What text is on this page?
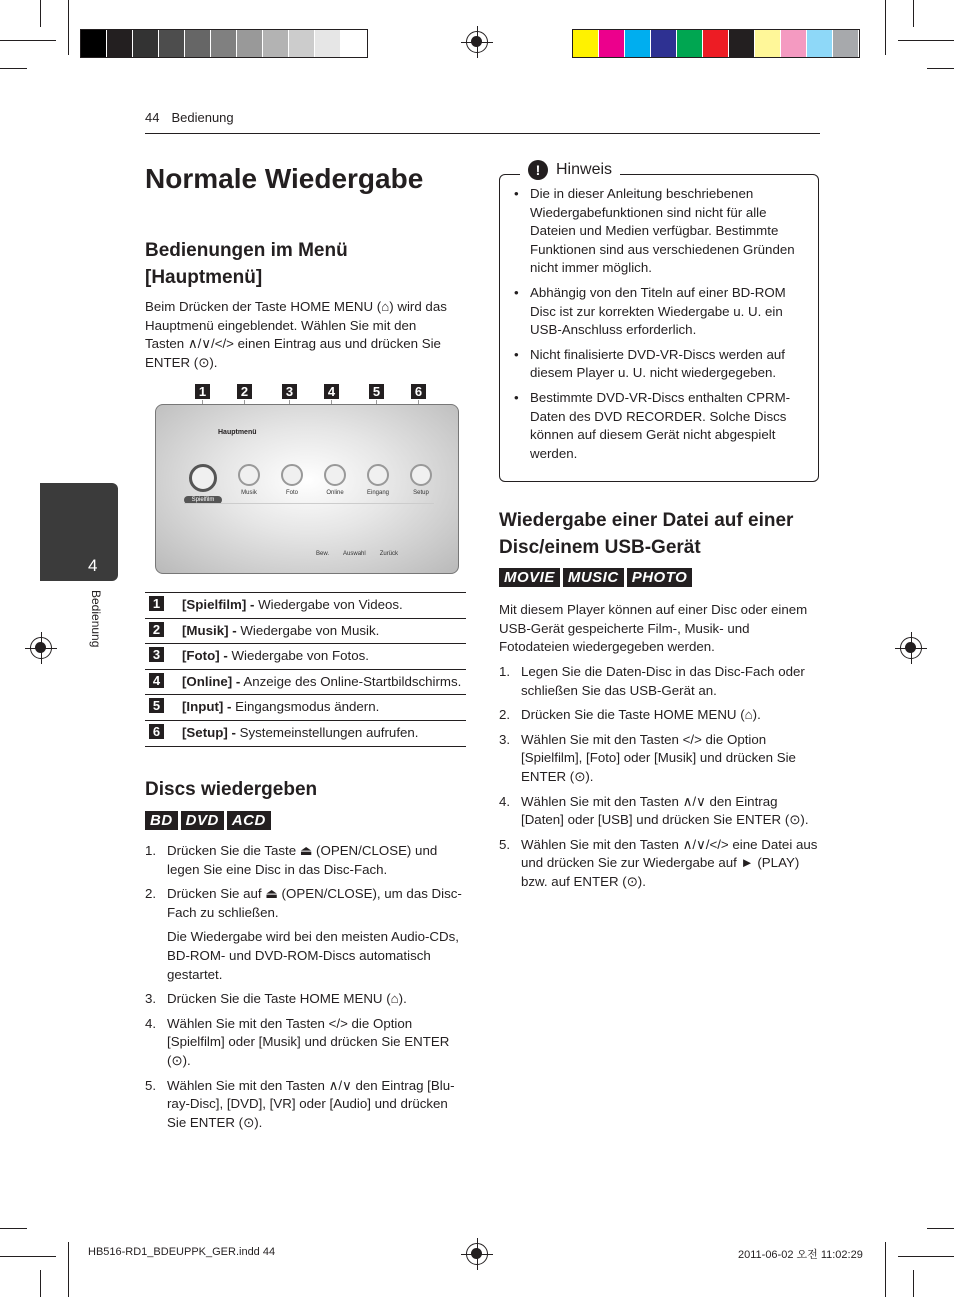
44 Bedienung
4
Bedienung
Normale Wiedergabe
Bedienungen im Menü [Hauptmenü]
Beim Drücken der Taste HOME MENU (⌂) wird das Hauptmenü eingeblendet. Wählen Sie mit den Tasten ∧/∨/</> einen Eintrag aus und drücken Sie ENTER (⊙).
1	2	3	4	5	6
Hauptmenü
Spielfilm
Musik	Foto	Online	Eingang	Setup
Bew. Auswahl Zurück
1	[Spielfilm] - Wiedergabe von Videos.
2	[Musik] - Wiedergabe von Musik.
3	[Foto] - Wiedergabe von Fotos.
4	[Online] - Anzeige des Online-Startbildschirms.
5	[Input] - Eingangsmodus ändern.
6	[Setup] - Systemeinstellungen aufrufen.
Discs wiedergeben
BD DVD ACD
1. Drücken Sie die Taste ⏏ (OPEN/CLOSE) und legen Sie eine Disc in das Disc-Fach.
2. Drücken Sie auf ⏏ (OPEN/CLOSE), um das Disc-Fach zu schließen.
Die Wiedergabe wird bei den meisten Audio-CDs, BD-ROM- und DVD-ROM-Discs automatisch gestartet.
3. Drücken Sie die Taste HOME MENU (⌂).
4. Wählen Sie mit den Tasten </> die Option [Spielfilm] oder [Musik] und drücken Sie ENTER (⊙).
5. Wählen Sie mit den Tasten ∧/∨ den Eintrag [Blu-ray-Disc], [DVD], [VR] oder [Audio] und drücken Sie ENTER (⊙).
! Hinweis
• Die in dieser Anleitung beschriebenen Wiedergabefunktionen sind nicht für alle Dateien und Medien verfügbar. Bestimmte Funktionen sind aus verschiedenen Gründen nicht immer möglich.
• Abhängig von den Titeln auf einer BD-ROM Disc ist zur korrekten Wiedergabe u. U. ein USB-Anschluss erforderlich.
• Nicht finalisierte DVD-VR-Discs werden auf diesem Player u. U. nicht wiedergegeben.
• Bestimmte DVD-VR-Discs enthalten CPRM-Daten des DVD RECORDER. Solche Discs können auf diesem Gerät nicht abgespielt werden.
Wiedergabe einer Datei auf einer Disc/einem USB-Gerät
MOVIE MUSIC PHOTO
Mit diesem Player können auf einer Disc oder einem USB-Gerät gespeicherte Film-, Musik- und Fotodateien wiedergegeben werden.
1. Legen Sie die Daten-Disc in das Disc-Fach oder schließen Sie das USB-Gerät an.
2. Drücken Sie die Taste HOME MENU (⌂).
3. Wählen Sie mit den Tasten </> die Option [Spielfilm], [Foto] oder [Musik] und drücken Sie ENTER (⊙).
4. Wählen Sie mit den Tasten ∧/∨ den Eintrag [Daten] oder [USB] und drücken Sie ENTER (⊙).
5. Wählen Sie mit den Tasten ∧/∨/</> eine Datei aus und drücken Sie zur Wiedergabe auf ► (PLAY) bzw. auf ENTER (⊙).
HB516-RD1_BDEUPPK_GER.indd 44	2011-06-02 오전 11:02:29
